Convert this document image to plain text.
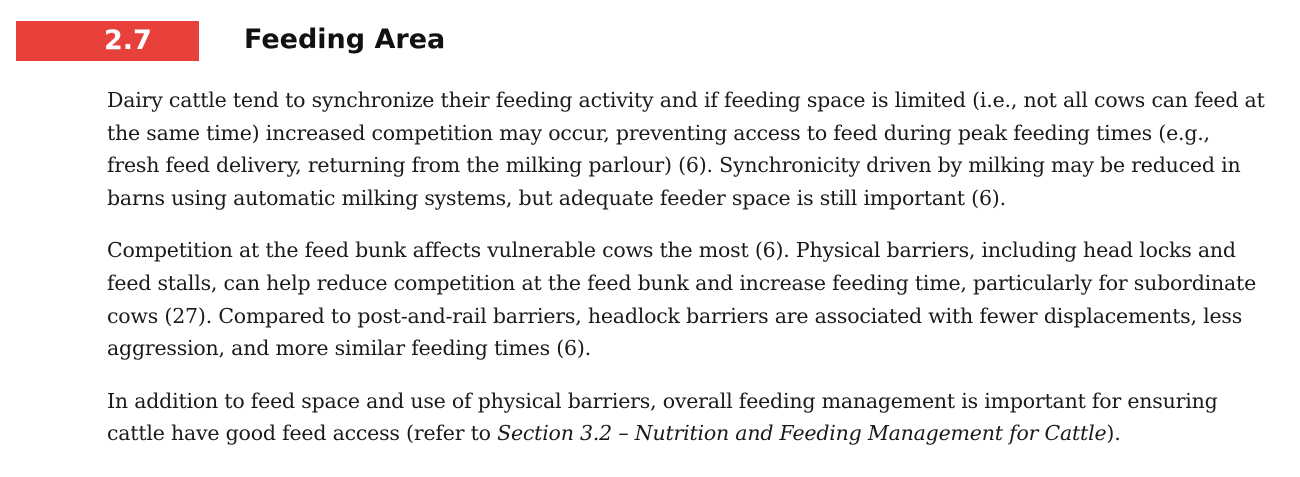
2.7	Feeding Area

Dairy cattle tend to synchronize their feeding activity and if feeding space is limited (i.e., not all cows can feed at the same time) increased competition may occur, preventing access to feed during peak feeding times (e.g., fresh feed delivery, returning from the milking parlour) (6). Synchronicity driven by milking may be reduced in barns using automatic milking systems, but adequate feeder space is still important (6).

Competition at the feed bunk affects vulnerable cows the most (6). Physical barriers, including head locks and feed stalls, can help reduce competition at the feed bunk and increase feeding time, particularly for subordinate cows (27). Compared to post-and-rail barriers, headlock barriers are associated with fewer displacements, less aggression, and more similar feeding times (6).

In addition to feed space and use of physical barriers, overall feeding management is important for ensuring cattle have good feed access (refer to Section 3.2 – Nutrition and Feeding Management for Cattle).
